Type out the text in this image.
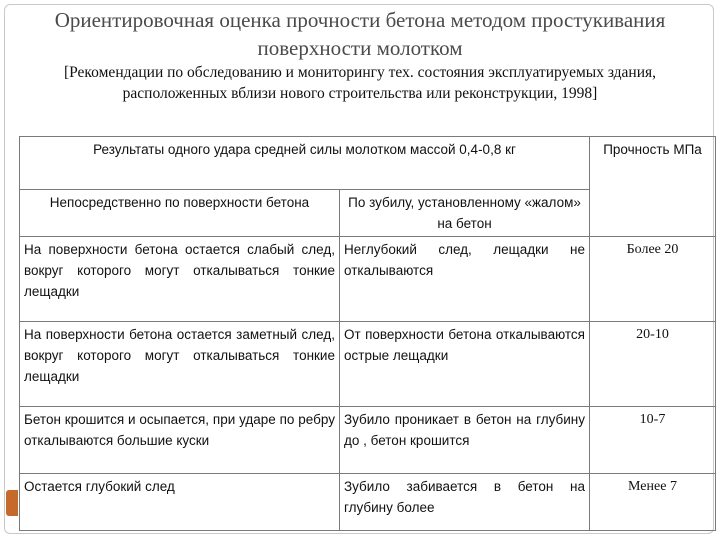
Ориентировочная оценка прочности бетона методом простукивания поверхности молотком
[Рекомендации по обследованию и мониторингу тех. состояния эксплуатируемых здания, расположенных вблизи нового строительства или реконструкции, 1998]
Результаты одного удара средней силы молотком массой 0,4-0,8 кг		Прочность МПа
Непосредственно по поверхности бетона	По зубилу, установленному «жалом» на бетон	
На поверхности бетона остается слабый след, вокруг которого могут откалываться тонкие лещадки	Неглубокий след, лещадки не откалываются	Более 20
На поверхности бетона остается заметный след, вокруг которого могут откалываться тонкие лещадки	От поверхности бетона откалываются острые лещадки	20-10
Бетон крошится и осыпается, при ударе по ребру откалываются большие куски	Зубило проникает в бетон на глубину до , бетон крошится	10-7
Остается глубокий след	Зубило забивается в бетон на глубину более	Менее 7
